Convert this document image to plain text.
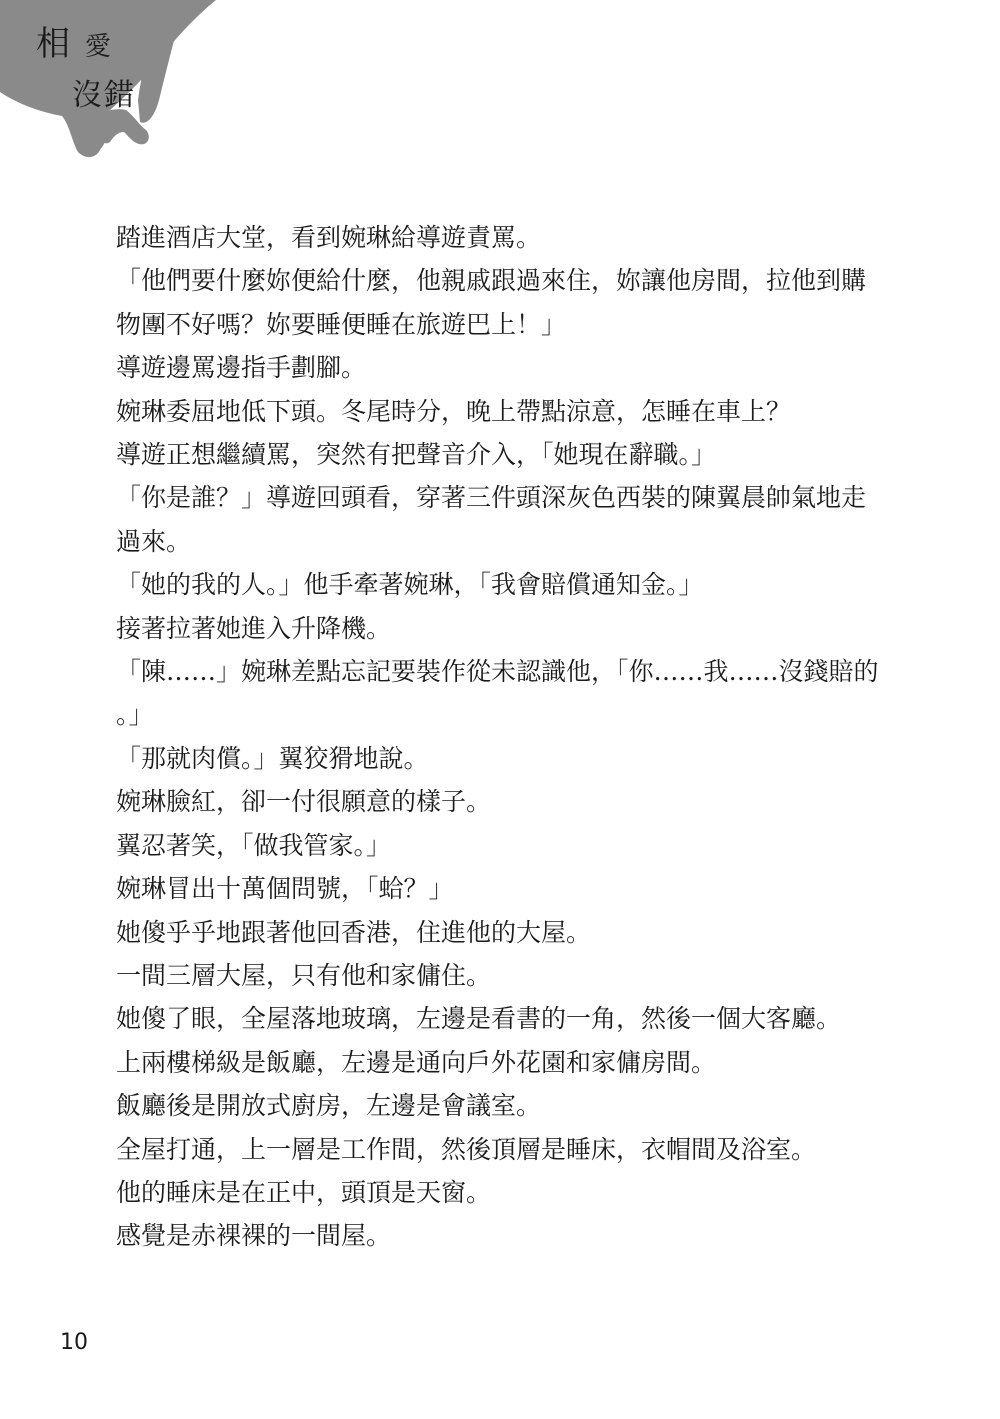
相 愛
沒錯

踏進酒店大堂，看到婉琳給導遊責罵。

「他們要什麼妳便給什麼，他親戚跟過來住，妳讓他房間，拉他到購物團不好嗎？妳要睡便睡在旅遊巴上！」

導遊邊罵邊指手劃腳。

婉琳委屈地低下頭。冬尾時分，晚上帶點涼意，怎睡在車上？

導遊正想繼續罵，突然有把聲音介入，「她現在辭職。」

「你是誰？」導遊回頭看，穿著三件頭深灰色西裝的陳翼晨帥氣地走過來。

「她的我的人。」他手牽著婉琳，「我會賠償通知金。」

接著拉著她進入升降機。

「陳……」婉琳差點忘記要裝作從未認識他，「你……我……沒錢賠的。」

「那就肉償。」翼狡猾地說。

婉琳臉紅，卻一付很願意的樣子。

翼忍著笑，「做我管家。」

婉琳冒出十萬個問號，「蛤？」

她傻乎乎地跟著他回香港，住進他的大屋。

一間三層大屋，只有他和家傭住。

她傻了眼，全屋落地玻璃，左邊是看書的一角，然後一個大客廳。

上兩樓梯級是飯廳，左邊是通向戶外花園和家傭房間。

飯廳後是開放式廚房，左邊是會議室。

全屋打通，上一層是工作間，然後頂層是睡床，衣帽間及浴室。

他的睡床是在正中，頭頂是天窗。

感覺是赤裸裸的一間屋。

10
